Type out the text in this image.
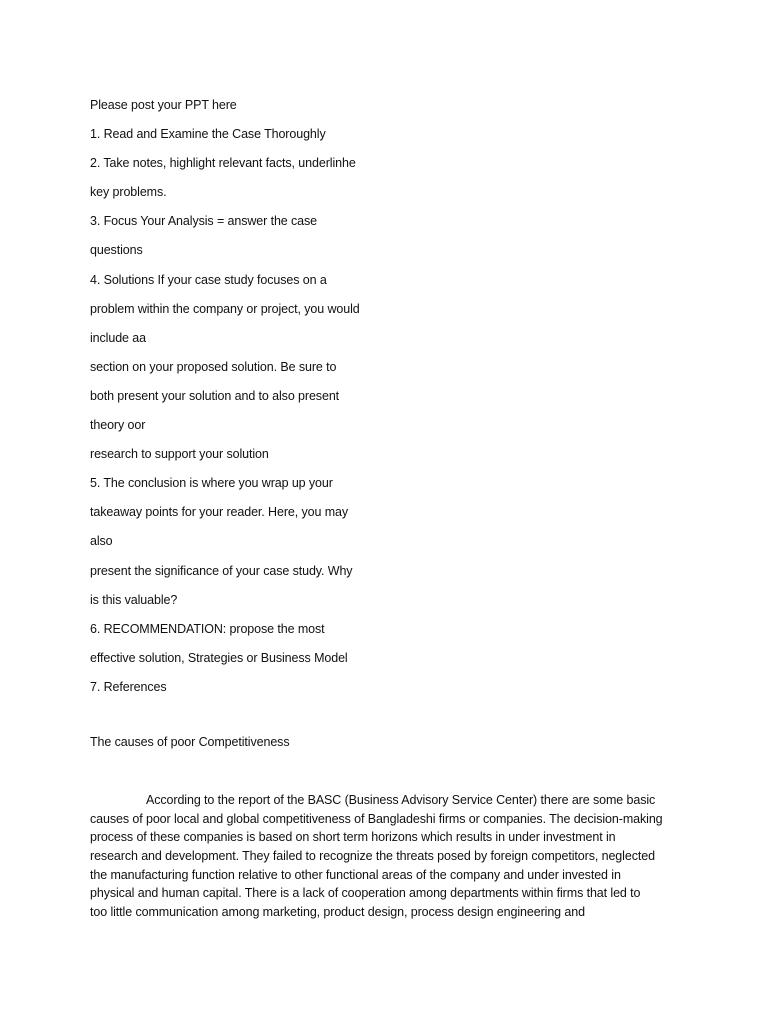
Please post your PPT here
1. Read and Examine the Case Thoroughly
2. Take notes, highlight relevant facts, underlinhe
key problems.
3. Focus Your Analysis = answer the case
questions
4. Solutions If your case study focuses on a
problem within the company or project, you would
include aa
section on your proposed solution. Be sure to
both present your solution and to also present
theory oor
research to support your solution
5. The conclusion is where you wrap up your
takeaway points for your reader. Here, you may
also
present the significance of your case study. Why
is this valuable?
6. RECOMMENDATION: propose the most
effective solution, Strategies or Business Model
7. References
The causes of poor Competitiveness
According to the report of the BASC (Business Advisory Service Center) there are some basic
causes of poor local and global competitiveness of Bangladeshi firms or companies. The decision-making
process of these companies is based on short term horizons which results in under investment in
research and development. They failed to recognize the threats posed by foreign competitors, neglected
the manufacturing function relative to other functional areas of the company and under invested in
physical and human capital. There is a lack of cooperation among departments within firms that led to
too little communication among marketing, product design, process design engineering and
